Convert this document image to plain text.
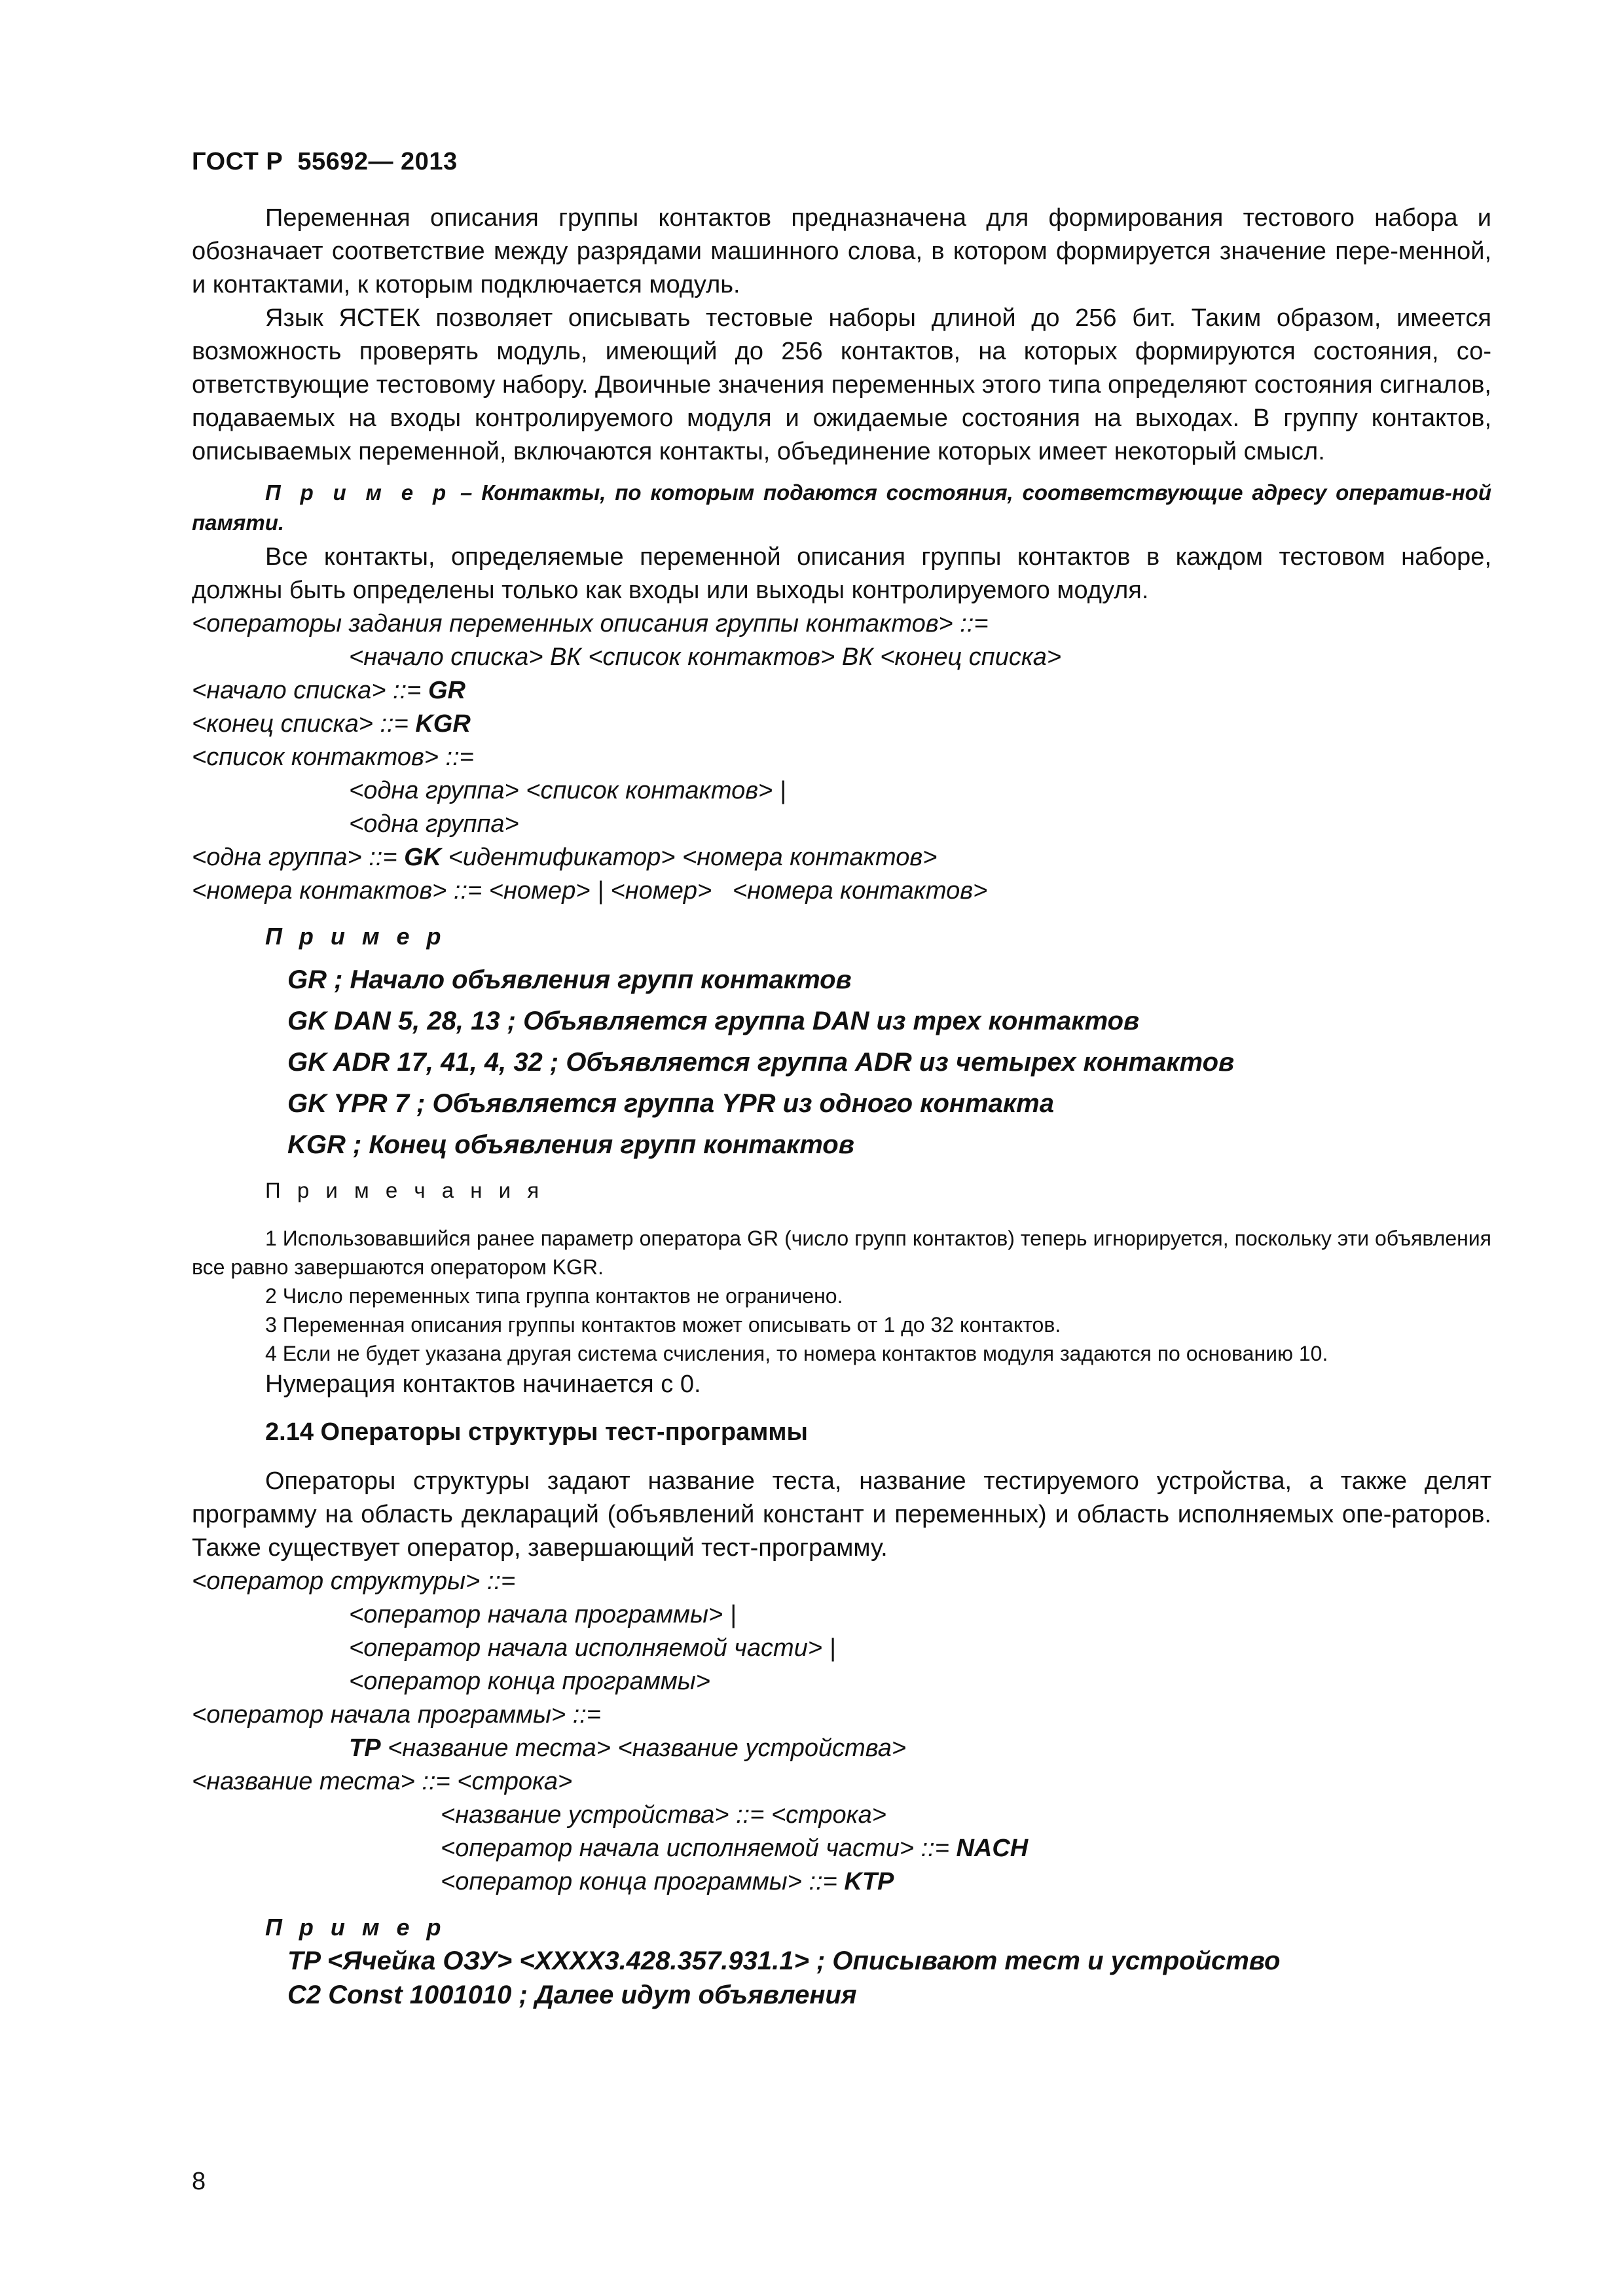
ГОСТ Р  55692— 2013

Переменная описания группы контактов предназначена для формирования тестового набора и обозначает соответствие между разрядами машинного слова, в котором формируется значение пере-менной, и контактами, к которым подключается модуль.

Язык ЯСТЕК позволяет описывать тестовые наборы длиной до 256 бит. Таким образом, имеется возможность проверять модуль, имеющий до 256 контактов, на которых формируются состояния, со-ответствующие тестовому набору. Двоичные значения переменных этого типа определяют состояния сигналов, подаваемых на входы контролируемого модуля и ожидаемые состояния на выходах. В группу контактов, описываемых переменной, включаются контакты, объединение которых имеет некоторый смысл.

П р и м е р – Контакты, по которым подаются состояния, соответствующие адресу оператив-ной памяти.

Все контакты, определяемые переменной описания группы контактов в каждом тестовом наборе, должны быть определены только как входы или выходы контролируемого модуля.

<операторы задания переменных описания группы контактов> ::=
<начало списка> ВК <список контактов> ВК <конец списка>
<начало списка> ::= GR
<конец списка> ::= KGR
<список контактов> ::=
<одна группа> <список контактов> |
<одна группа>
<одна группа> ::= GK <идентификатор> <номера контактов>
<номера контактов> ::= <номер> | <номер>   <номера контактов>
П р и м е р
GR ; Начало объявления групп контактов
GK DAN 5, 28, 13 ; Объявляется группа DAN из трех контактов
GK ADR 17, 41, 4, 32 ; Объявляется группа ADR из четырех контактов
GK YPR 7 ; Объявляется группа YPR из одного контакта
KGR ; Конец объявления групп контактов
П р и м е ч а н и я

1 Использовавшийся ранее параметр оператора GR (число групп контактов) теперь игнорируется, поскольку эти объявления все равно завершаются оператором KGR.

2 Число переменных типа группа контактов не ограничено.

3 Переменная описания группы контактов может описывать от 1 до 32 контактов.

4 Если не будет указана другая система счисления, то номера контактов модуля задаются по основанию 10.

Нумерация контактов начинается с 0.

2.14 Операторы структуры тест-программы

Операторы структуры задают название теста, название тестируемого устройства, а также делят программу на область деклараций (объявлений констант и переменных) и область исполняемых опе-раторов. Также существует оператор, завершающий тест-программу.

<оператор структуры> ::=
<оператор начала программы> |
<оператор начала исполняемой части> |
<оператор конца программы>
<оператор начала программы> ::=
TP <название теста> <название устройства>
<название теста> ::= <строка>
<название устройства> ::= <строка>
<оператор начала исполняемой части> ::= NACH
<оператор конца программы> ::= KTP
П р и м е р
TP <Ячейка ОЗУ> <XXXX3.428.357.931.1> ; Описывают тест и устройство
C2 Const 1001010 ; Далее идут объявления
8
